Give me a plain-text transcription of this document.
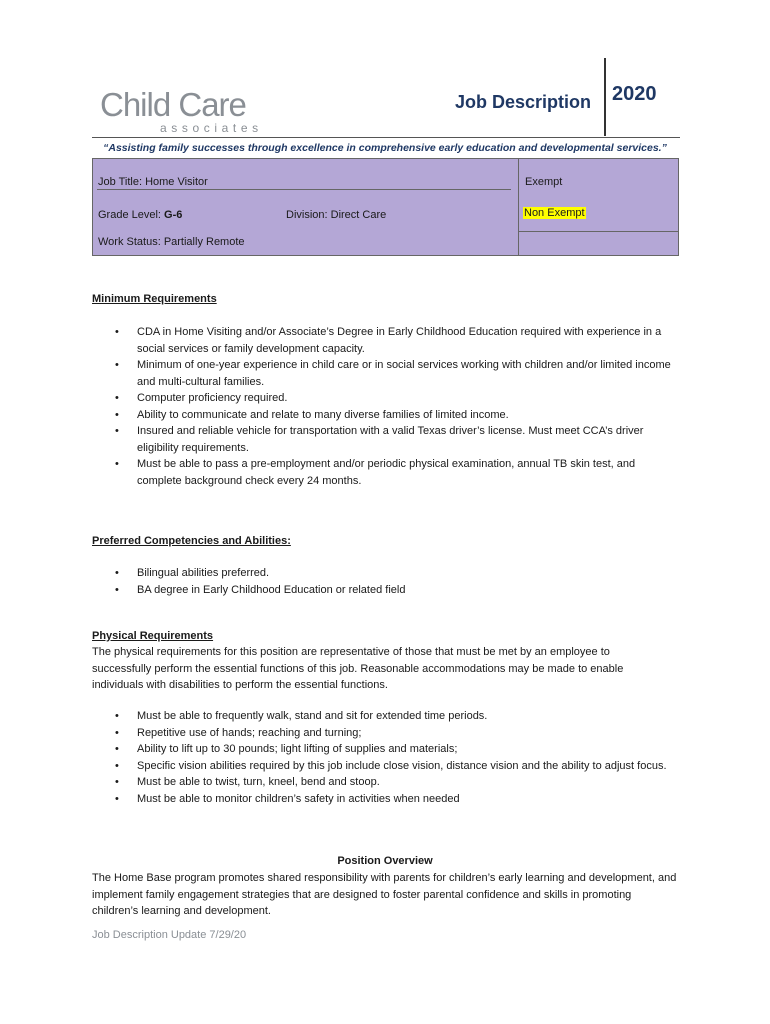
Child Care
associates
Job Description 2020
“Assisting family successes through excellence in comprehensive early education and developmental services.”
Job Title: Home Visitor
Grade Level: G-6	Division: Direct Care
Work Status: Partially Remote
Exempt
Non Exempt
Minimum Requirements
• CDA in Home Visiting and/or Associate’s Degree in Early Childhood Education required with experience in a social services or family development capacity.
• Minimum of one-year experience in child care or in social services working with children and/or limited income and multi-cultural families.
• Computer proficiency required.
• Ability to communicate and relate to many diverse families of limited income.
• Insured and reliable vehicle for transportation with a valid Texas driver’s license. Must meet CCA’s driver eligibility requirements.
• Must be able to pass a pre-employment and/or periodic physical examination, annual TB skin test, and complete background check every 24 months.
Preferred Competencies and Abilities:
• Bilingual abilities preferred.
• BA degree in Early Childhood Education or related field
Physical Requirements
The physical requirements for this position are representative of those that must be met by an employee to successfully perform the essential functions of this job. Reasonable accommodations may be made to enable individuals with disabilities to perform the essential functions.
• Must be able to frequently walk, stand and sit for extended time periods.
• Repetitive use of hands; reaching and turning;
• Ability to lift up to 30 pounds; light lifting of supplies and materials;
• Specific vision abilities required by this job include close vision, distance vision and the ability to adjust focus.
• Must be able to twist, turn, kneel, bend and stoop.
• Must be able to monitor children’s safety in activities when needed
Position Overview
The Home Base program promotes shared responsibility with parents for children’s early learning and development, and implement family engagement strategies that are designed to foster parental confidence and skills in promoting children’s learning and development.
Job Description Update 7/29/20
